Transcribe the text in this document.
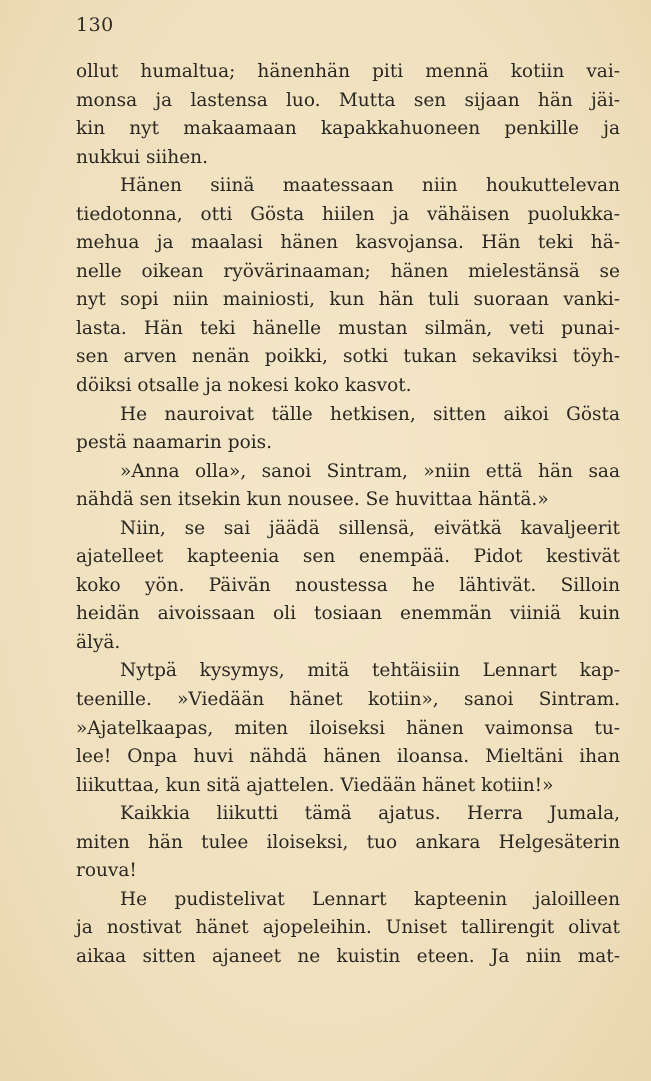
130
ollut humaltua; hänenhän piti mennä kotiin vai-
monsa ja lastensa luo. Mutta sen sijaan hän jäi-
kin nyt makaamaan kapakkahuoneen penkille ja
nukkui siihen.
Hänen siinä maatessaan niin houkuttelevan
tiedotonna, otti Gösta hiilen ja vähäisen puolukka-
mehua ja maalasi hänen kasvojansa. Hän teki hä-
nelle oikean ryövärinaaman; hänen mielestänsä se
nyt sopi niin mainiosti, kun hän tuli suoraan vanki-
lasta. Hän teki hänelle mustan silmän, veti punai-
sen arven nenän poikki, sotki tukan sekaviksi töyh-
döiksi otsalle ja nokesi koko kasvot.
He nauroivat tälle hetkisen, sitten aikoi Gösta
pestä naamarin pois.
»Anna olla», sanoi Sintram, »niin että hän saa
nähdä sen itsekin kun nousee. Se huvittaa häntä.»
Niin, se sai jäädä sillensä, eivätkä kavaljeerit
ajatelleet kapteenia sen enempää. Pidot kestivät
koko yön. Päivän noustessa he lähtivät. Silloin
heidän aivoissaan oli tosiaan enemmän viiniä kuin
älyä.
Nytpä kysymys, mitä tehtäisiin Lennart kap-
teenille. »Viedään hänet kotiin», sanoi Sintram.
»Ajatelkaapas, miten iloiseksi hänen vaimonsa tu-
lee! Onpa huvi nähdä hänen iloansa. Mieltäni ihan
liikuttaa, kun sitä ajattelen. Viedään hänet kotiin!»
Kaikkia liikutti tämä ajatus. Herra Jumala,
miten hän tulee iloiseksi, tuo ankara Helgesäterin
rouva!
He pudistelivat Lennart kapteenin jaloilleen
ja nostivat hänet ajopeleihin. Uniset tallirengit olivat
aikaa sitten ajaneet ne kuistin eteen. Ja niin mat-
